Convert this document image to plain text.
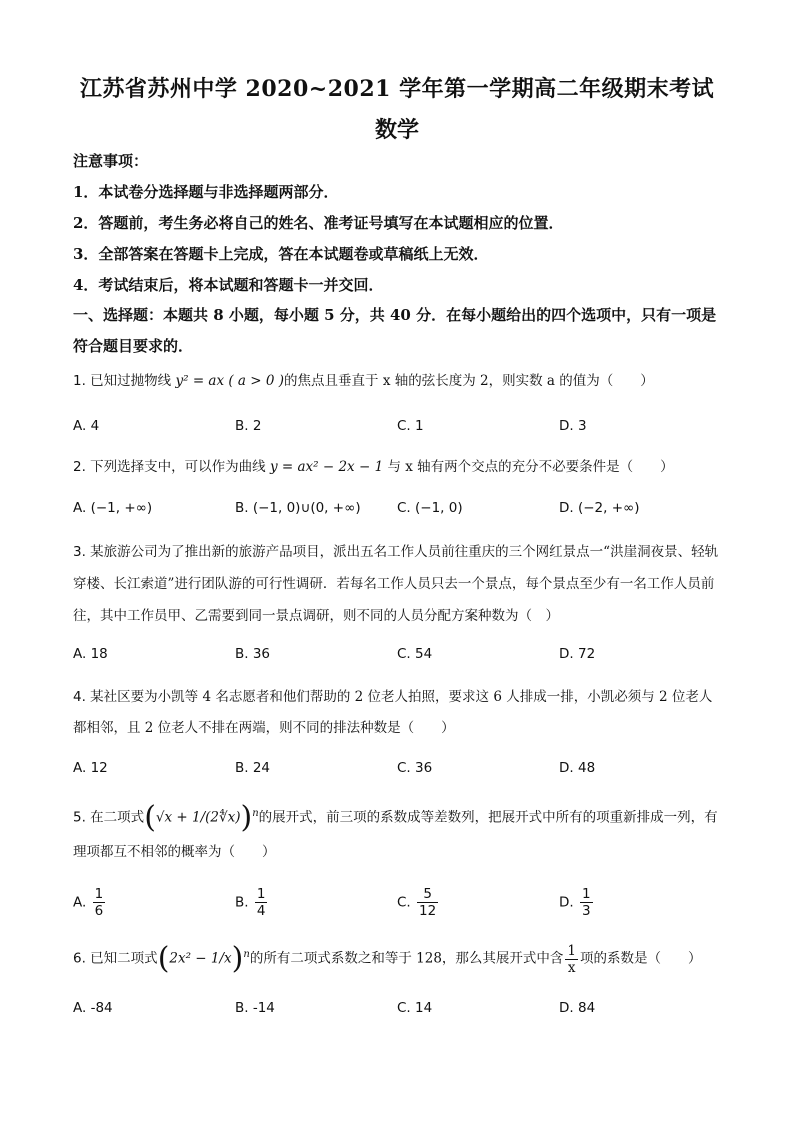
江苏省苏州中学 2020~2021 学年第一学期高二年级期末考试
数学
注意事项：
1．本试卷分选择题与非选择题两部分．
2．答题前，考生务必将自己的姓名、准考证号填写在本试题相应的位置．
3．全部答案在答题卡上完成，答在本试题卷或草稿纸上无效．
4．考试结束后，将本试题和答题卡一并交回．
一、选择题：本题共 8 小题，每小题 5 分，共 40 分．在每小题给出的四个选项中，只有一项是符合题目要求的．
1. 已知过抛物线 y² = ax ( a > 0 )的焦点且垂直于 x 轴的弦长度为 2，则实数 a 的值为（　　）
A. 4	B. 2	C. 1	D. 3
2. 下列选择支中，可以作为曲线 y = ax² − 2x − 1 与 x 轴有两个交点的充分不必要条件是（　　）
A. (−1, +∞)	B. (−1, 0)∪(0, +∞)	C. (−1, 0)	D. (−2, +∞)
3. 某旅游公司为了推出新的旅游产品项目，派出五名工作人员前往重庆的三个网红景点一“洪崖洞夜景、轻轨穿楼、长江索道”进行团队游的可行性调研．若每名工作人员只去一个景点，每个景点至少有一名工作人员前往，其中工作员甲、乙需要到同一景点调研，则不同的人员分配方案种数为（　）
A. 18	B. 36	C. 54	D. 72
4. 某社区要为小凯等 4 名志愿者和他们帮助的 2 位老人拍照，要求这 6 人排成一排，小凯必须与 2 位老人都相邻，且 2 位老人不排在两端，则不同的排法种数是（　　）
A. 12	B. 24	C. 36	D. 48
5. 在二项式(√x + 1/(2∜x))$^n$的展开式，前三项的系数成等差数列，把展开式中所有的项重新排成一列，有理项都互不相邻的概率为（　　）
A. $\frac{1}{6}$	B. $\frac{1}{4}$	C. $\frac{5}{12}$	D. $\frac{1}{3}$
6. 已知二项式$(2x^2 - 1/x)^n$的所有二项式系数之和等于 128，那么其展开式中含 $\frac{1}{x}$ 项的系数是（　　）
A. -84	B. -14	C. 14	D. 84
